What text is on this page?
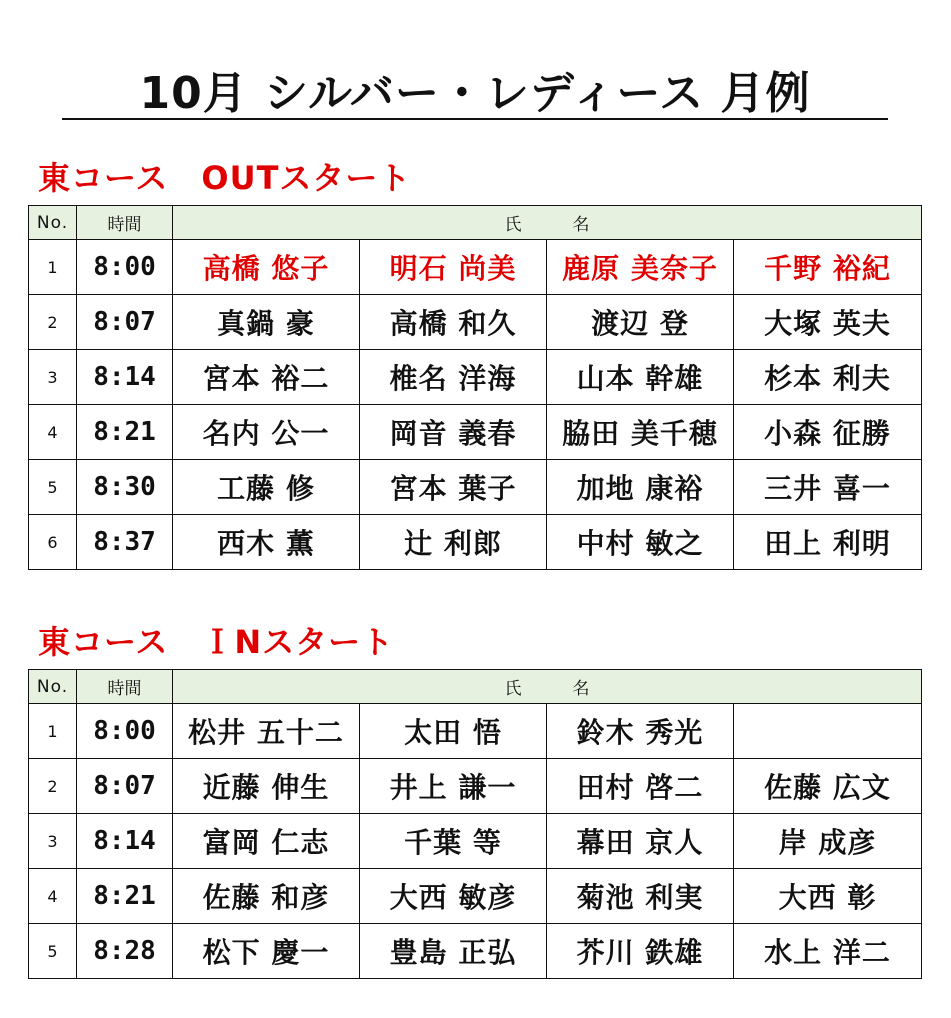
10月 シルバー・レディース 月例
東コース　OUTスタート
No.	時間	氏　　　名			
1	8:00	高橋 悠子	明石 尚美	鹿原 美奈子	千野 裕紀
2	8:07	真鍋 豪	高橋 和久	渡辺 登	大塚 英夫
3	8:14	宮本 裕二	椎名 洋海	山本 幹雄	杉本 利夫
4	8:21	名内 公一	岡音 義春	脇田 美千穂	小森 征勝
5	8:30	工藤 修	宮本 葉子	加地 康裕	三井 喜一
6	8:37	西木 薫	辻 利郎	中村 敏之	田上 利明
東コース　ＩNスタート
No.	時間	氏　　　名			
1	8:00	松井 五十二	太田 悟	鈴木 秀光	
2	8:07	近藤 伸生	井上 謙一	田村 啓二	佐藤 広文
3	8:14	富岡 仁志	千葉 等	幕田 京人	岸 成彦
4	8:21	佐藤 和彦	大西 敏彦	菊池 利実	大西 彰
5	8:28	松下 慶一	豊島 正弘	芥川 鉄雄	水上 洋二
